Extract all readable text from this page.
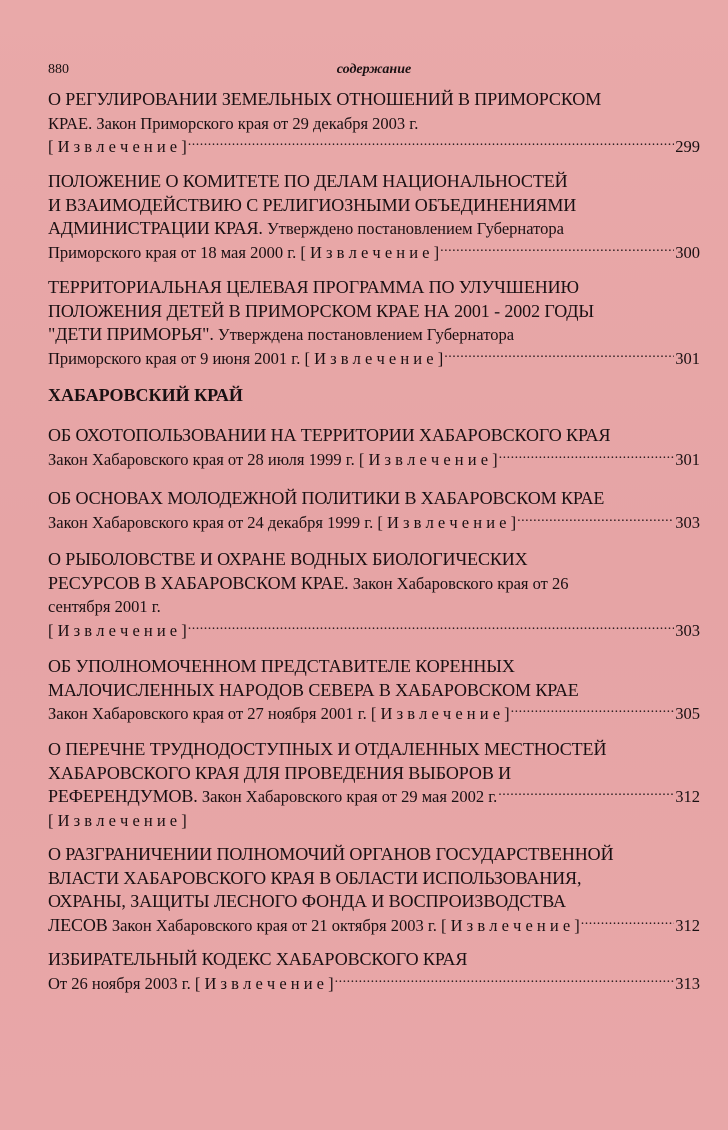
880	содержание
О РЕГУЛИРОВАНИИ ЗЕМЕЛЬНЫХ ОТНОШЕНИЙ В ПРИМОРСКОМ
КРАЕ. Закон Приморского края от 29 декабря 2003 г.
[ И з в л е ч е н и е ] .....	299
ПОЛОЖЕНИЕ О КОМИТЕТЕ ПО ДЕЛАМ НАЦИОНАЛЬНОСТЕЙ
И ВЗАИМОДЕЙСТВИЮ С РЕЛИГИОЗНЫМИ ОБЪЕДИНЕНИЯМИ
АДМИНИСТРАЦИИ КРАЯ. Утверждено постановлением Губернатора
Приморского края от 18 мая 2000 г. [ И з в л е ч е н и е ] .....	300
ТЕРРИТОРИАЛЬНАЯ ЦЕЛЕВАЯ ПРОГРАММА ПО УЛУЧШЕНИЮ
ПОЛОЖЕНИЯ ДЕТЕЙ В ПРИМОРСКОМ КРАЕ НА 2001 - 2002 ГОДЫ
"ДЕТИ ПРИМОРЬЯ". Утверждена постановлением Губернатора
Приморского края от 9 июня 2001 г. [ И з в л е ч е н и е ] .....	301
ХАБАРОВСКИЙ КРАЙ
ОБ ОХОТОПОЛЬЗОВАНИИ НА ТЕРРИТОРИИ ХАБАРОВСКОГО КРАЯ
Закон Хабаровского края от 28 июля 1999 г. [ И з в л е ч е н и е ] .....	301
ОБ ОСНОВАХ МОЛОДЕЖНОЙ ПОЛИТИКИ В ХАБАРОВСКОМ КРАЕ
Закон Хабаровского края от 24 декабря 1999 г. [ И з в л е ч е н и е ] .....	303
О РЫБОЛОВСТВЕ И ОХРАНЕ ВОДНЫХ БИОЛОГИЧЕСКИХ
РЕСУРСОВ В ХАБАРОВСКОМ КРАЕ. Закон Хабаровского края от 26
сентября 2001 г.
[ И з в л е ч е н и е ] .....	303
ОБ УПОЛНОМОЧЕННОМ ПРЕДСТАВИТЕЛЕ КОРЕННЫХ
МАЛОЧИСЛЕННЫХ НАРОДОВ СЕВЕРА В ХАБАРОВСКОМ КРАЕ
Закон Хабаровского края от 27 ноября 2001 г. [ И з в л е ч е н и е ] .....	305
О ПЕРЕЧНЕ ТРУДНОДОСТУПНЫХ И ОТДАЛЕННЫХ МЕСТНОСТЕЙ
ХАБАРОВСКОГО КРАЯ ДЛЯ ПРОВЕДЕНИЯ ВЫБОРОВ И
РЕФЕРЕНДУМОВ. Закон Хабаровского края от 29 мая 2002 г. .....	312
[ И з в л е ч е н и е ]
О РАЗГРАНИЧЕНИИ ПОЛНОМОЧИЙ ОРГАНОВ ГОСУДАРСТВЕННОЙ
ВЛАСТИ ХАБАРОВСКОГО КРАЯ В ОБЛАСТИ ИСПОЛЬЗОВАНИЯ,
ОХРАНЫ, ЗАЩИТЫ ЛЕСНОГО ФОНДА И ВОСПРОИЗВОДСТВА
ЛЕСОВ Закон Хабаровского края от 21 октября 2003 г. [ И з в л е ч е н и е ] .....	312
ИЗБИРАТЕЛЬНЫЙ КОДЕКС ХАБАРОВСКОГО КРАЯ
От 26 ноября 2003 г. [ И з в л е ч е н и е ] .....	313
